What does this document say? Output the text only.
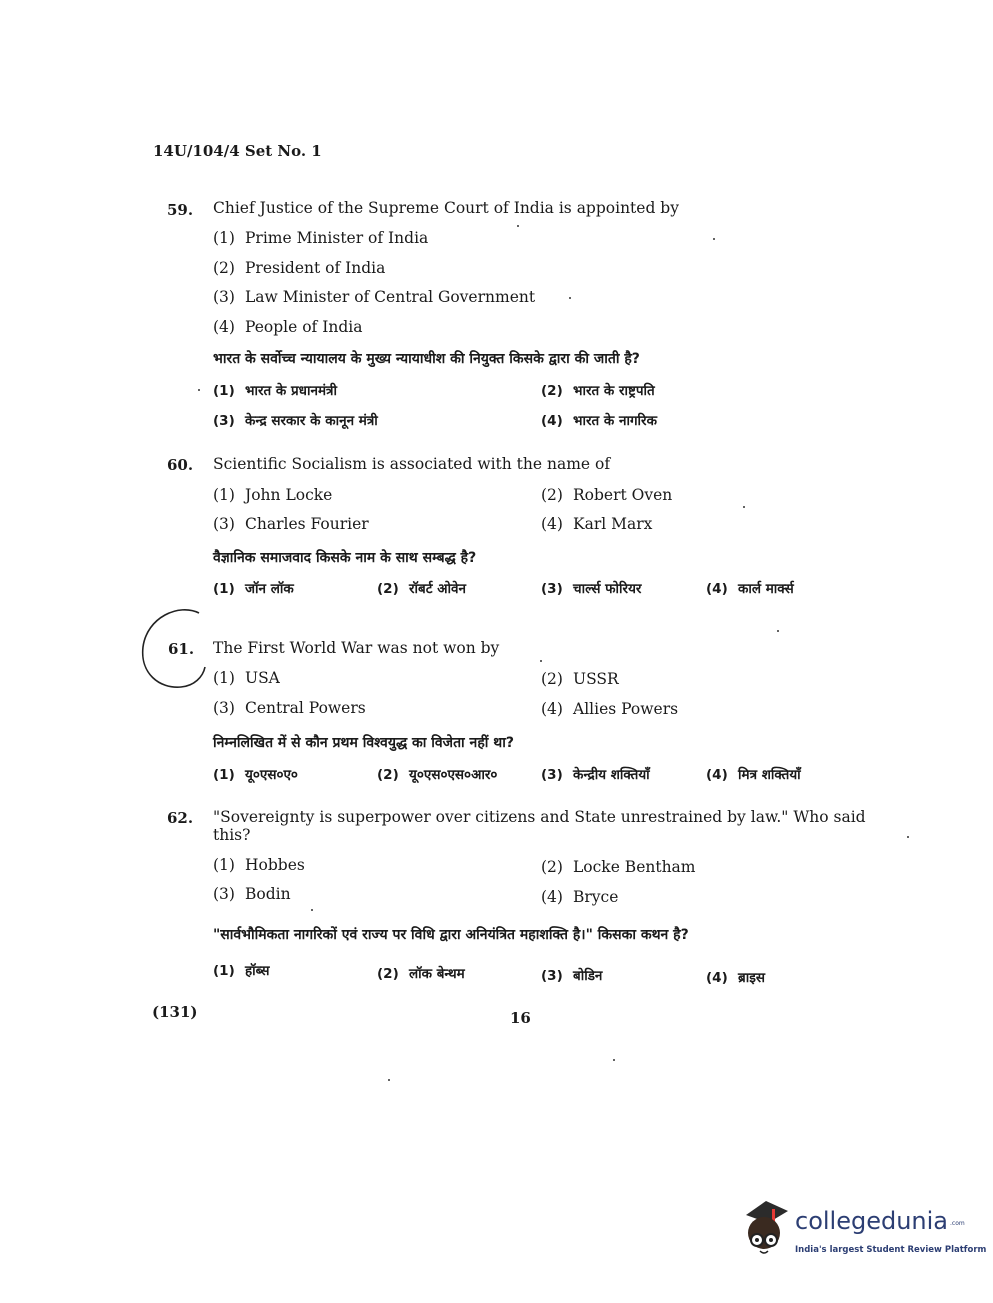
14U/104/4 Set No. 1
59. Chief Justice of the Supreme Court of India is appointed by
(1) Prime Minister of India
(2) President of India
(3) Law Minister of Central Government
(4) People of India
भारत के सर्वोच्च न्यायालय के मुख्य न्यायाधीश की नियुक्त किसके द्वारा की जाती है?
(1) भारत के प्रधानमंत्री	(2) भारत के राष्ट्रपति
(3) केन्द्र सरकार के कानून मंत्री	(4) भारत के नागरिक
60. Scientific Socialism is associated with the name of
(1) John Locke	(2) Robert Oven
(3) Charles Fourier	(4) Karl Marx
वैज्ञानिक समाजवाद किसके नाम के साथ सम्बद्ध है?
(1) जॉन लॉक	(2) रॉबर्ट ओवेन	(3) चार्ल्स फोरियर	(4) कार्ल मार्क्स
61. The First World War was not won by
(1) USA	(2) USSR
(3) Central Powers	(4) Allies Powers
निम्नलिखित में से कौन प्रथम विश्वयुद्ध का विजेता नहीं था?
(1) यू०एस०ए०	(2) यू०एस०एस०आर०	(3) केन्द्रीय शक्तियाँ	(4) मित्र शक्तियाँ
62. "Sovereignty is superpower over citizens and State unrestrained by law." Who said
this?
(1) Hobbes	(2) Locke Bentham
(3) Bodin	(4) Bryce
"सार्वभौमिकता नागरिकों एवं राज्य पर विधि द्वारा अनियंत्रित महाशक्ति है।" किसका कथन है?
(1) हॉब्स	(2) लॉक बेन्थम	(3) बोडिन	(4) ब्राइस
(131)	16
collegedunia .com
India's largest Student Review Platform
